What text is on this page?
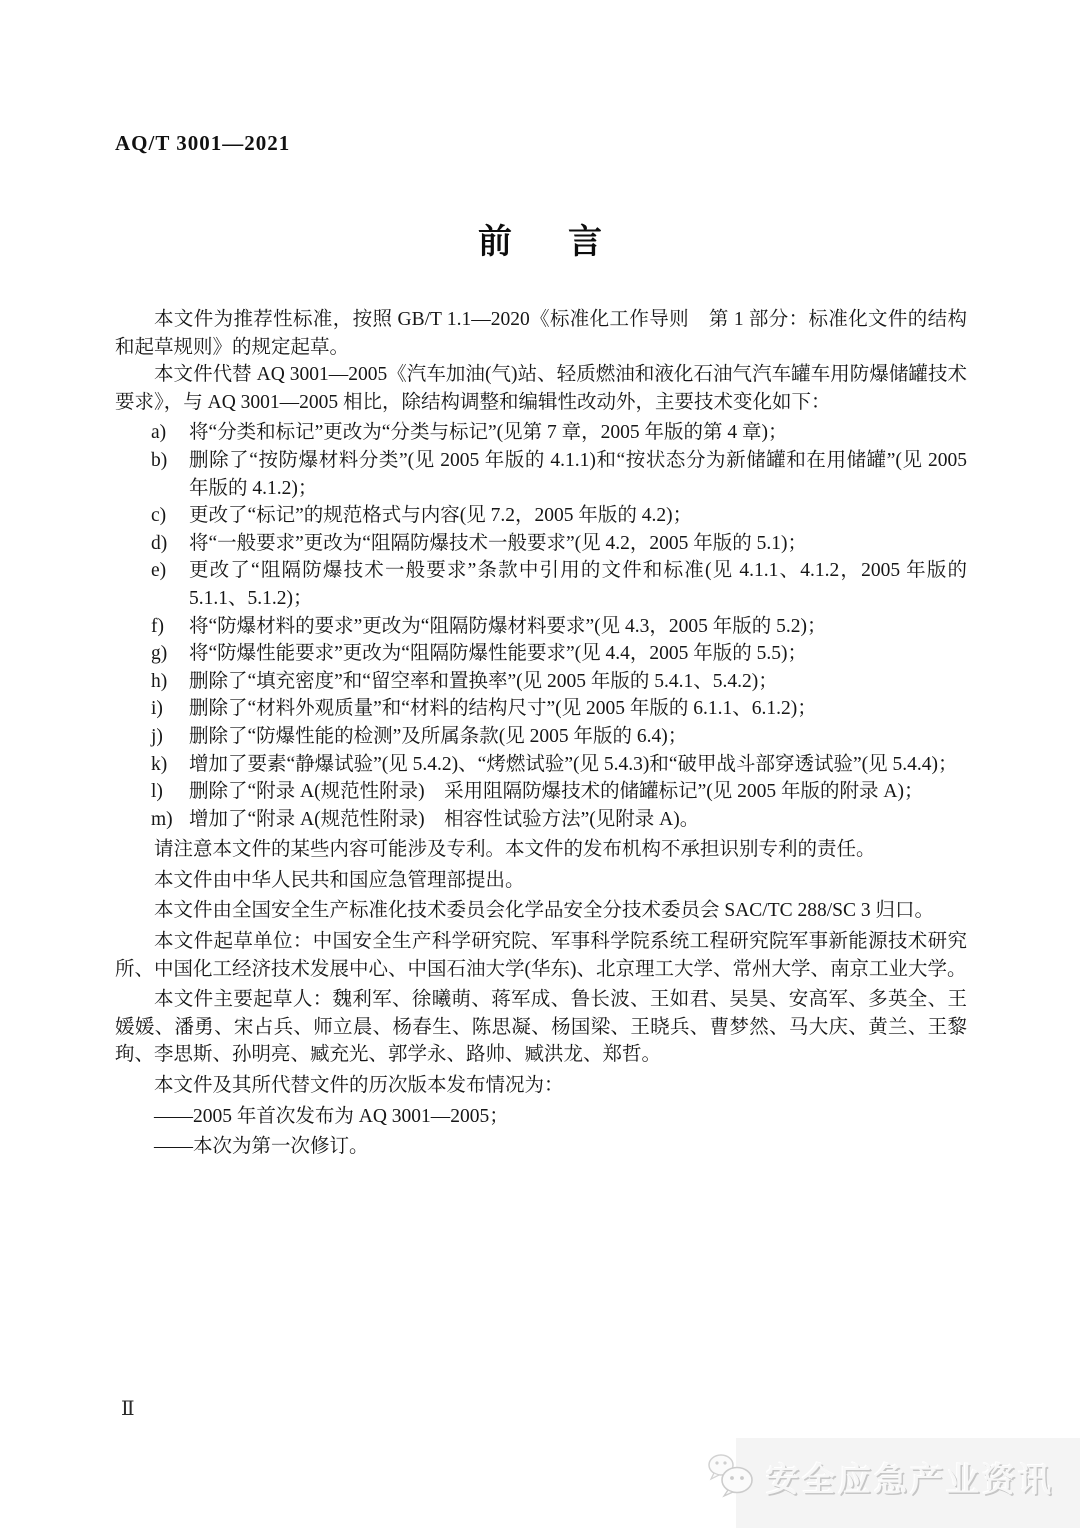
AQ/T 3001—2021
前 言

本文件为推荐性标准，按照 GB/T 1.1—2020《标准化工作导则　第 1 部分：标准化文件的结构和起草规则》的规定起草。

本文件代替 AQ 3001—2005《汽车加油(气)站、轻质燃油和液化石油气汽车罐车用防爆储罐技术要求》，与 AQ 3001—2005 相比，除结构调整和编辑性改动外，主要技术变化如下：

a)	将“分类和标记”更改为“分类与标记”(见第 7 章，2005 年版的第 4 章)；
b)	删除了“按防爆材料分类”(见 2005 年版的 4.1.1)和“按状态分为新储罐和在用储罐”(见 2005 年版的 4.1.2)；
c)	更改了“标记”的规范格式与内容(见 7.2，2005 年版的 4.2)；
d)	将“一般要求”更改为“阻隔防爆技术一般要求”(见 4.2，2005 年版的 5.1)；
e)	更改了“阻隔防爆技术一般要求”条款中引用的文件和标准(见 4.1.1、4.1.2，2005 年版的 5.1.1、5.1.2)；
f)	将“防爆材料的要求”更改为“阻隔防爆材料要求”(见 4.3，2005 年版的 5.2)；
g)	将“防爆性能要求”更改为“阻隔防爆性能要求”(见 4.4，2005 年版的 5.5)；
h)	删除了“填充密度”和“留空率和置换率”(见 2005 年版的 5.4.1、5.4.2)；
i)	删除了“材料外观质量”和“材料的结构尺寸”(见 2005 年版的 6.1.1、6.1.2)；
j)	删除了“防爆性能的检测”及所属条款(见 2005 年版的 6.4)；
k)	增加了要素“静爆试验”(见 5.4.2)、“烤燃试验”(见 5.4.3)和“破甲战斗部穿透试验”(见 5.4.4)；
l)	删除了“附录 A(规范性附录)　采用阻隔防爆技术的储罐标记”(见 2005 年版的附录 A)；
m) 增加了“附录 A(规范性附录)　相容性试验方法”(见附录 A)。

请注意本文件的某些内容可能涉及专利。本文件的发布机构不承担识别专利的责任。

本文件由中华人民共和国应急管理部提出。

本文件由全国安全生产标准化技术委员会化学品安全分技术委员会 SAC/TC 288/SC 3 归口。

本文件起草单位：中国安全生产科学研究院、军事科学院系统工程研究院军事新能源技术研究所、中国化工经济技术发展中心、中国石油大学(华东)、北京理工大学、常州大学、南京工业大学。

本文件主要起草人：魏利军、徐曦萌、蒋军成、鲁长波、王如君、吴昊、安高军、多英全、王媛媛、潘勇、宋占兵、师立晨、杨春生、陈思凝、杨国梁、王晓兵、曹梦然、马大庆、黄兰、王黎珣、李思斯、孙明亮、臧充光、郭学永、路帅、臧洪龙、郑哲。

本文件及其所代替文件的历次版本发布情况为：

——2005 年首次发布为 AQ 3001—2005；

——本次为第一次修订。

Ⅱ
安全应急产业资讯
